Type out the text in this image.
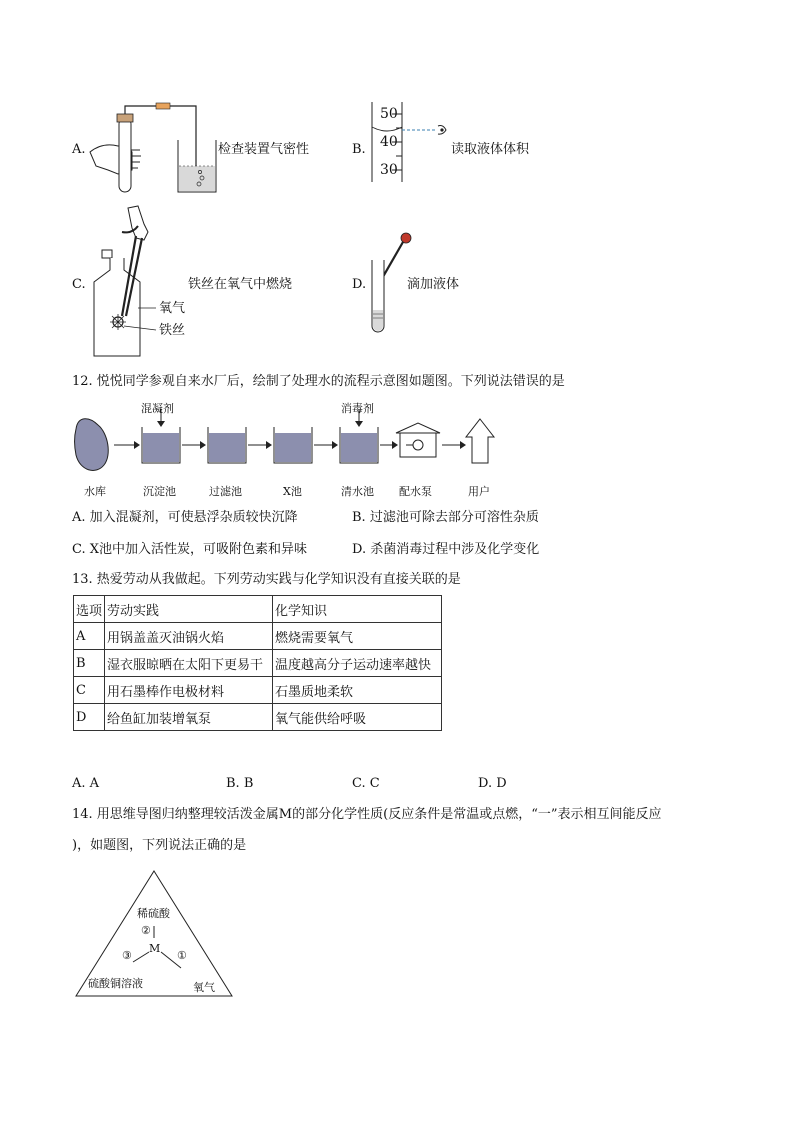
A.	检查装置气密性	B.
50
40
30
读取液体体积
C.
氧气
铁丝
铁丝在氧气中燃烧	D.	滴加液体
12. 悦悦同学参观自来水厂后，绘制了处理水的流程示意图如题图。下列说法错误的是
混凝剂	消毒剂
水库	沉淀池	过滤池	X池	清水池 配水泵	用户
A. 加入混凝剂，可使悬浮杂质较快沉降	B. 过滤池可除去部分可溶性杂质
C. X池中加入活性炭，可吸附色素和异味	D. 杀菌消毒过程中涉及化学变化
13. 热爱劳动从我做起。下列劳动实践与化学知识没有直接关联的是
选项	劳动实践	化学知识
A	用锅盖盖灭油锅火焰	燃烧需要氧气
B	湿衣服晾晒在太阳下更易干	温度越高分子运动速率越快
C	用石墨棒作电极材料	石墨质地柔软
D	给鱼缸加装增氧泵	氧气能供给呼吸
A. A	B. B	C. C	D. D
14. 用思维导图归纳整理较活泼金属M的部分化学性质(反应条件是常温或点燃，“一”表示相互间能反应
)，如题图，下列说法正确的是
稀硫酸
②
M
③	①
硫酸铜溶液	氧气
